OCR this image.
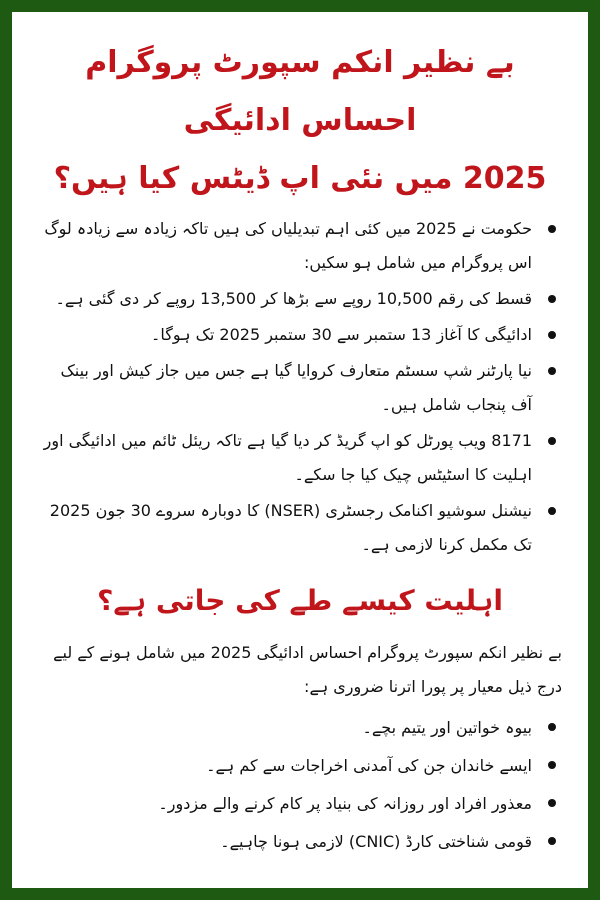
بے نظیر انکم سپورٹ پروگرام احساس ادائیگی
2025 میں نئی اپ ڈیٹس کیا ہیں؟
حکومت نے 2025 میں کئی اہم تبدیلیاں کی ہیں تاکہ زیادہ سے زیادہ لوگ اس پروگرام میں شامل ہو سکیں:
قسط کی رقم 10,500 روپے سے بڑھا کر 13,500 روپے کر دی گئی ہے۔
ادائیگی کا آغاز 13 ستمبر سے 30 ستمبر 2025 تک ہوگا۔
نیا پارٹنر شپ سسٹم متعارف کروایا گیا ہے جس میں جاز کیش اور بینک آف پنجاب شامل ہیں۔
8171 ویب پورٹل کو اپ گریڈ کر دیا گیا ہے تاکہ ریئل ٹائم میں ادائیگی اور اہلیت کا اسٹیٹس چیک کیا جا سکے۔
نیشنل سوشیو اکنامک رجسٹری (NSER) کا دوبارہ سروے 30 جون 2025 تک مکمل کرنا لازمی ہے۔
اہلیت کیسے طے کی جاتی ہے؟

بے نظیر انکم سپورٹ پروگرام احساس ادائیگی 2025 میں شامل ہونے کے لیے درج ذیل معیار پر پورا اترنا ضروری ہے:

بیوہ خواتین اور یتیم بچے۔
ایسے خاندان جن کی آمدنی اخراجات سے کم ہے۔
معذور افراد اور روزانہ کی بنیاد پر کام کرنے والے مزدور۔
قومی شناختی کارڈ (CNIC) لازمی ہونا چاہیے۔
